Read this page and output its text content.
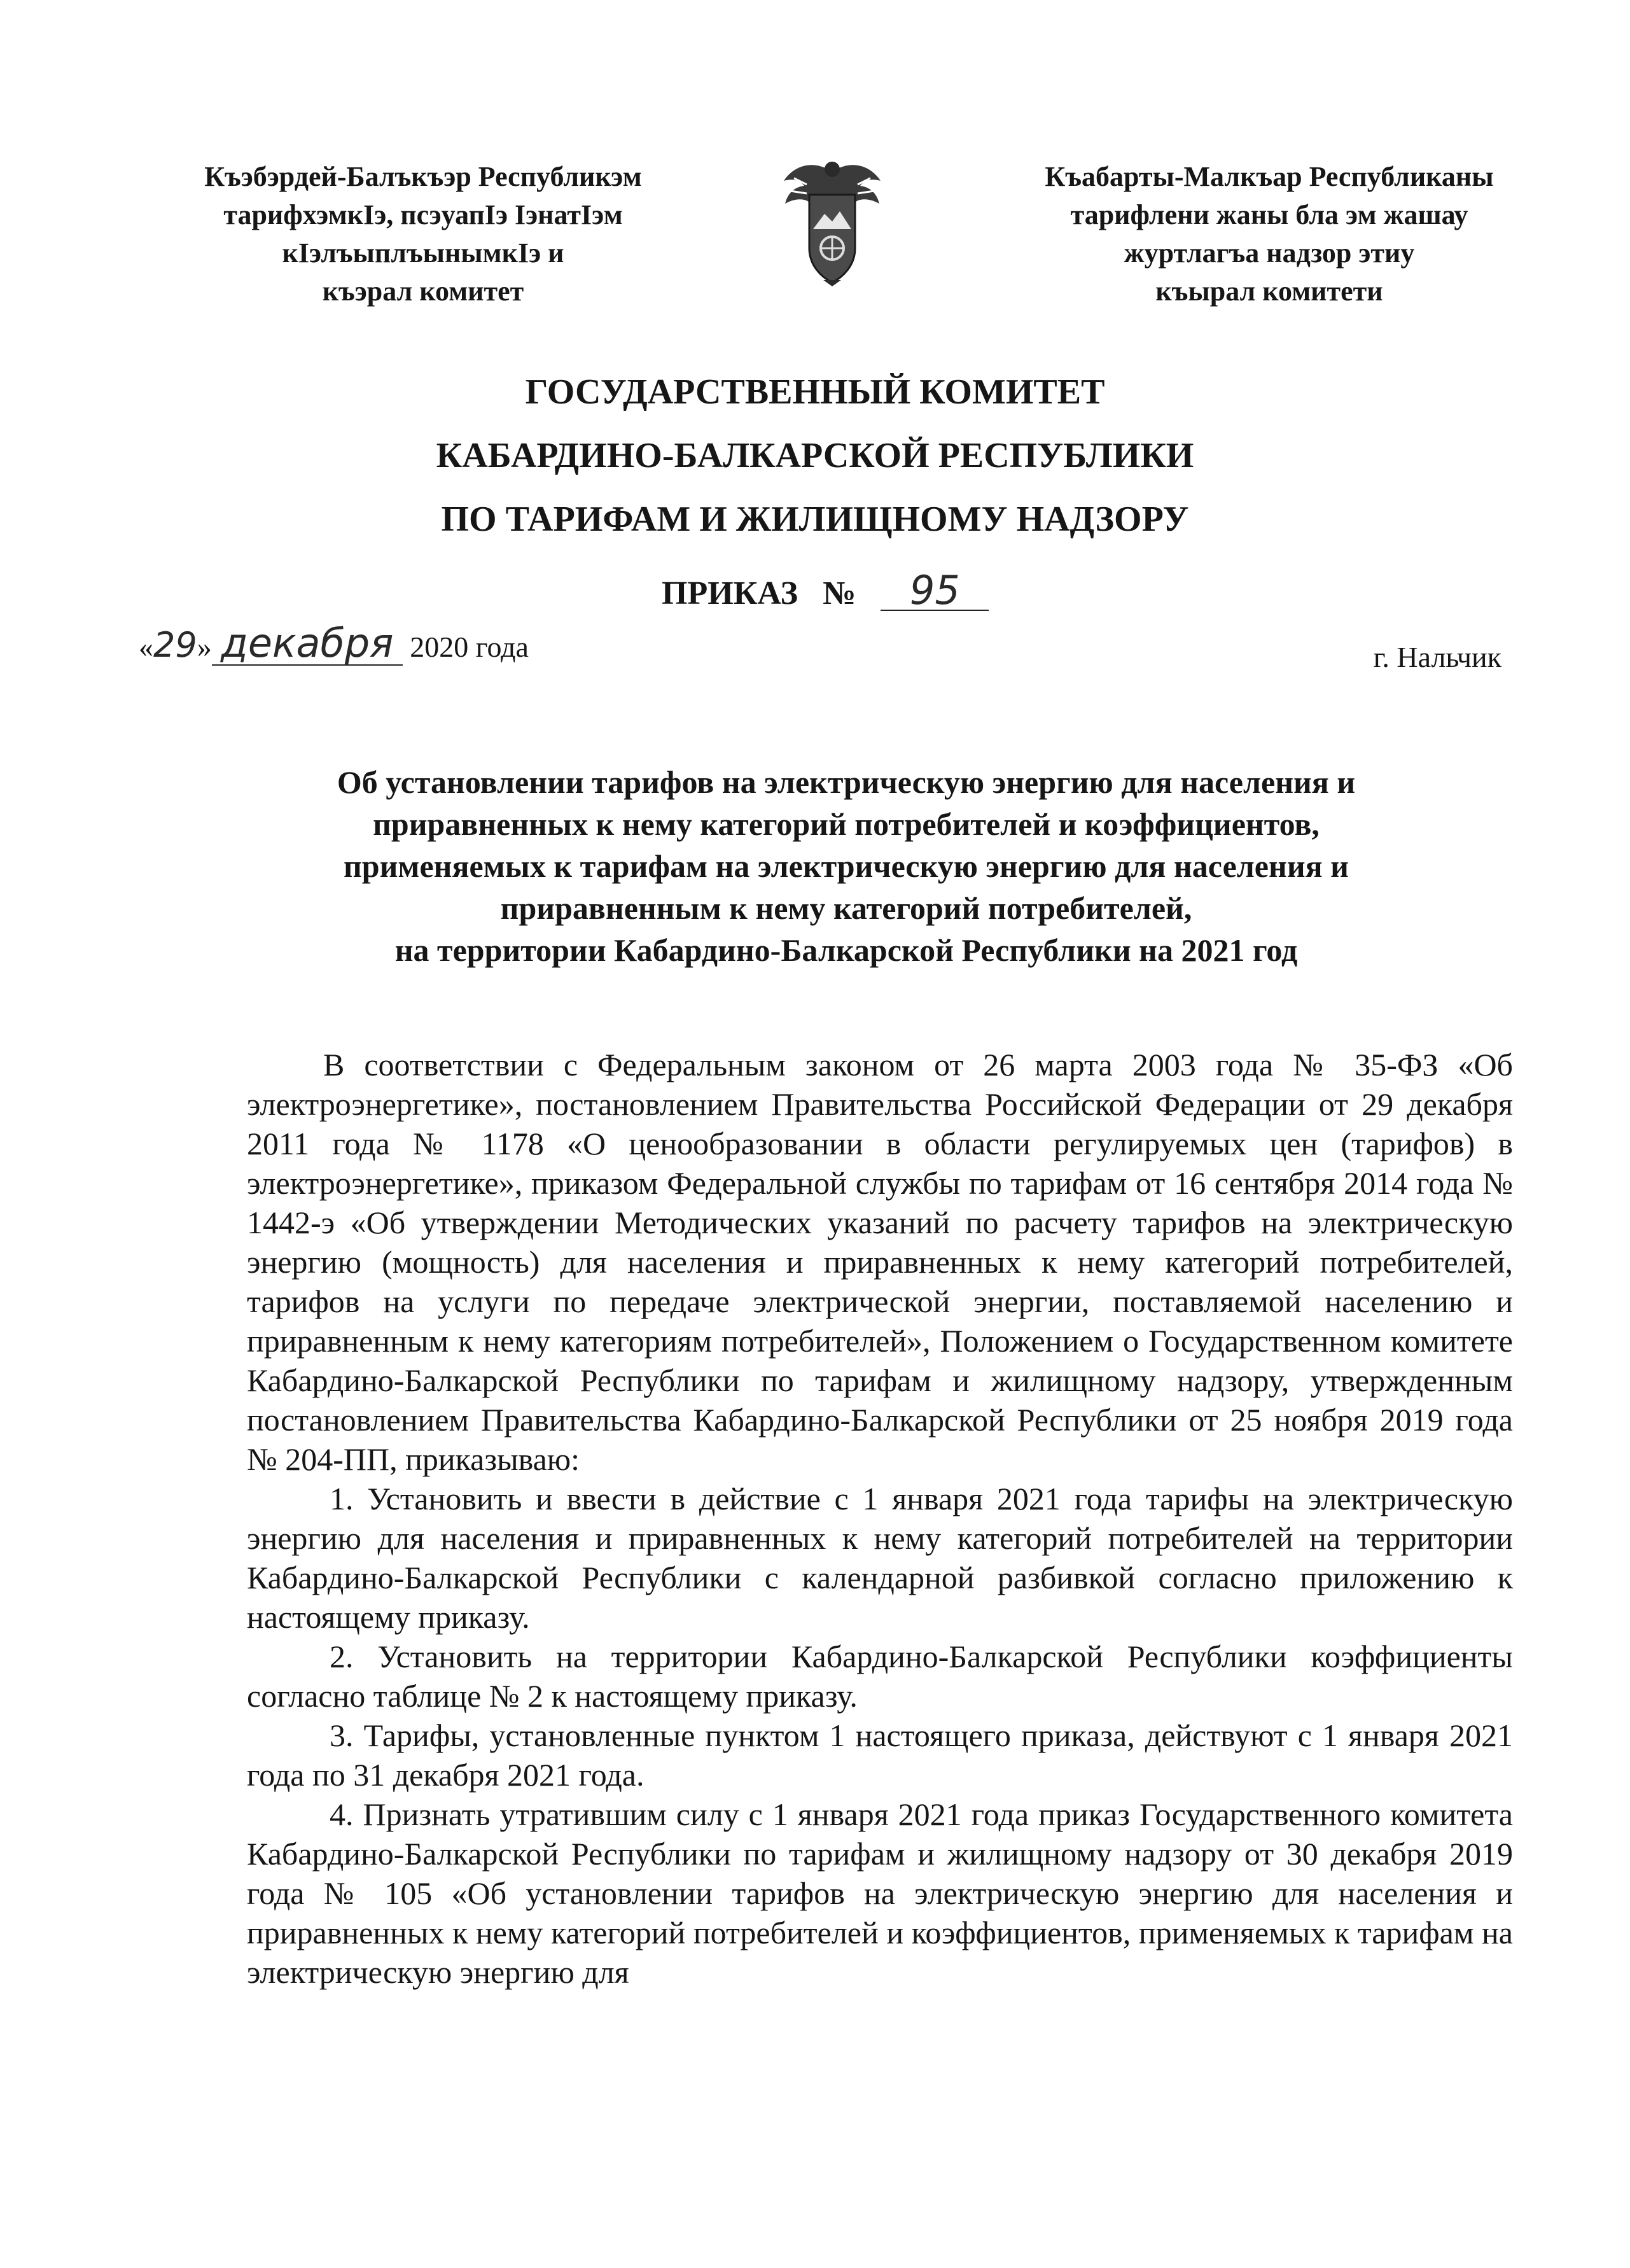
Къэбэрдей-Балъкъэр Республикэм
тарифхэмкIэ, псэуапIэ IэнатIэм
кIэлъыплъынымкIэ и
къэрал комитет
Къабарты-Малкъар Республиканы
тарифлени жаны бла эм жашау
журтлагъа надзор этиу
къырал комитети
ГОСУДАРСТВЕННЫЙ КОМИТЕТ
КАБАРДИНО-БАЛКАРСКОЙ РЕСПУБЛИКИ
ПО ТАРИФАМ И ЖИЛИЩНОМУ НАДЗОРУ
ПРИКАЗ № 95
«29» декабря 2020 года	г. Нальчик
Об установлении тарифов на электрическую энергию для населения и
приравненных к нему категорий потребителей и коэффициентов,
применяемых к тарифам на электрическую энергию для населения и
приравненным к нему категорий потребителей,
на территории Кабардино-Балкарской Республики на 2021 год

В соответствии с Федеральным законом от 26 марта 2003 года № 35-ФЗ «Об электроэнергетике», постановлением Правительства Российской Федерации от 29 декабря 2011 года № 1178 «О ценообразовании в области регулируемых цен (тарифов) в электроэнергетике», приказом Федеральной службы по тарифам от 16 сентября 2014 года № 1442-э «Об утверждении Методических указаний по расчету тарифов на электрическую энергию (мощность) для населения и приравненных к нему категорий потребителей, тарифов на услуги по передаче электрической энергии, поставляемой населению и приравненным к нему категориям потребителей», Положением о Государственном комитете Кабардино-Балкарской Республики по тарифам и жилищному надзору, утвержденным постановлением Правительства Кабардино-Балкарской Республики от 25 ноября 2019 года № 204-ПП, приказываю:

1. Установить и ввести в действие с 1 января 2021 года тарифы на электрическую энергию для населения и приравненных к нему категорий потребителей на территории Кабардино-Балкарской Республики с календарной разбивкой согласно приложению к настоящему приказу.

2. Установить на территории Кабардино-Балкарской Республики коэффициенты согласно таблице № 2 к настоящему приказу.

3. Тарифы, установленные пунктом 1 настоящего приказа, действуют с 1 января 2021 года по 31 декабря 2021 года.

4. Признать утратившим силу с 1 января 2021 года приказ Государственного комитета Кабардино-Балкарской Республики по тарифам и жилищному надзору от 30 декабря 2019 года № 105 «Об установлении тарифов на электрическую энергию для населения и приравненных к нему категорий потребителей и коэффициентов, применяемых к тарифам на электрическую энергию для
